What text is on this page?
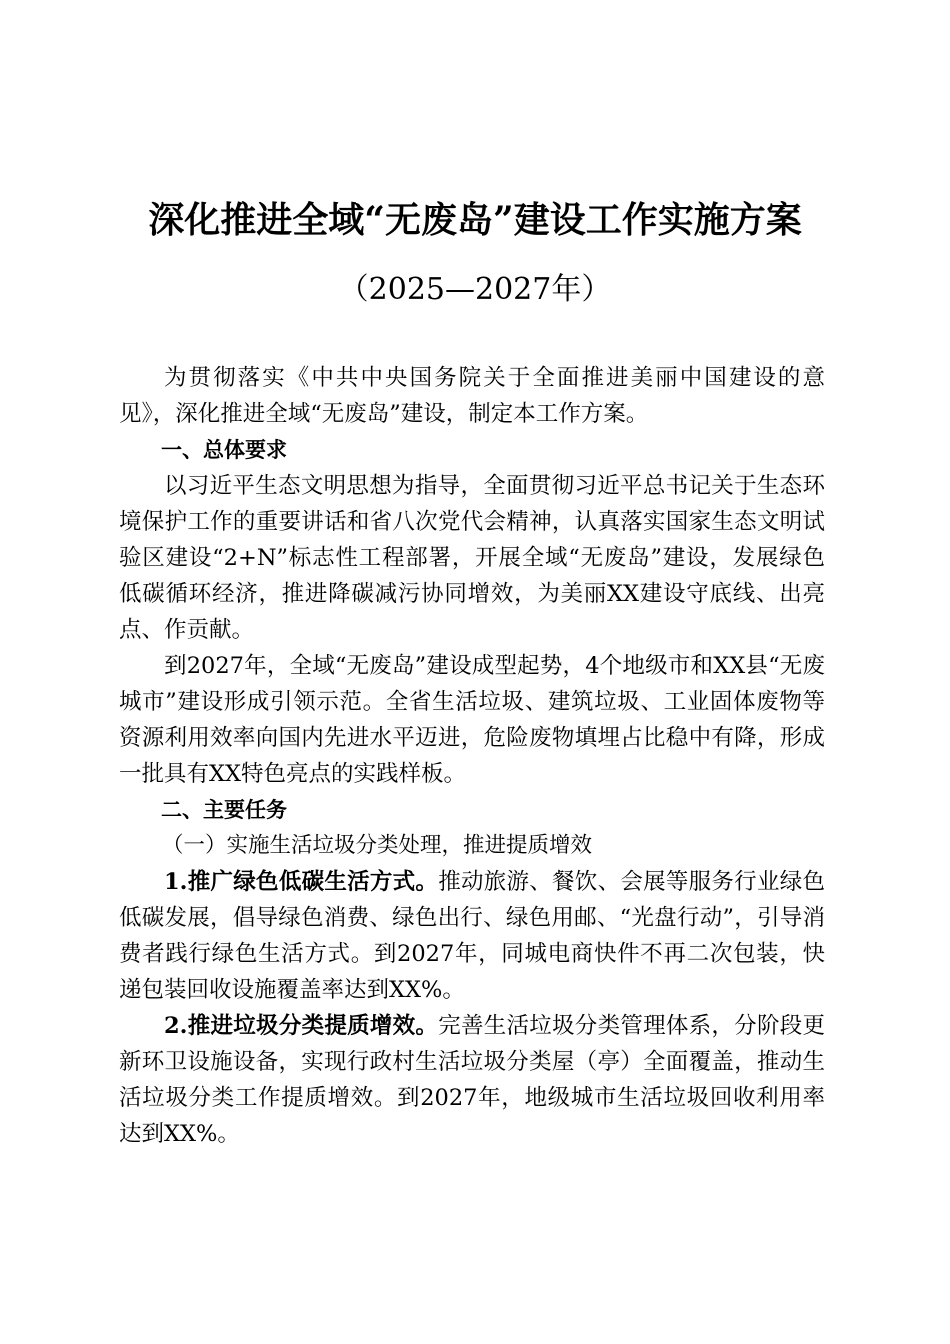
深化推进全域“无废岛”建设工作实施方案
（2025—2027年）

为贯彻落实《中共中央国务院关于全面推进美丽中国建设的意见》，深化推进全域“无废岛”建设，制定本工作方案。

一、总体要求

以习近平生态文明思想为指导，全面贯彻习近平总书记关于生态环境保护工作的重要讲话和省八次党代会精神，认真落实国家生态文明试验区建设“2+N”标志性工程部署，开展全域“无废岛”建设，发展绿色低碳循环经济，推进降碳减污协同增效，为美丽XX建设守底线、出亮点、作贡献。

到2027年，全域“无废岛”建设成型起势，4个地级市和XX县“无废城市”建设形成引领示范。全省生活垃圾、建筑垃圾、工业固体废物等资源利用效率向国内先进水平迈进，危险废物填埋占比稳中有降，形成一批具有XX特色亮点的实践样板。

二、主要任务

（一）实施生活垃圾分类处理，推进提质增效

1.推广绿色低碳生活方式。推动旅游、餐饮、会展等服务行业绿色低碳发展，倡导绿色消费、绿色出行、绿色用邮、“光盘行动”，引导消费者践行绿色生活方式。到2027年，同城电商快件不再二次包装，快递包装回收设施覆盖率达到XX%。

2.推进垃圾分类提质增效。完善生活垃圾分类管理体系，分阶段更新环卫设施设备，实现行政村生活垃圾分类屋（亭）全面覆盖，推动生活垃圾分类工作提质增效。到2027年，地级城市生活垃圾回收利用率达到XX%。
